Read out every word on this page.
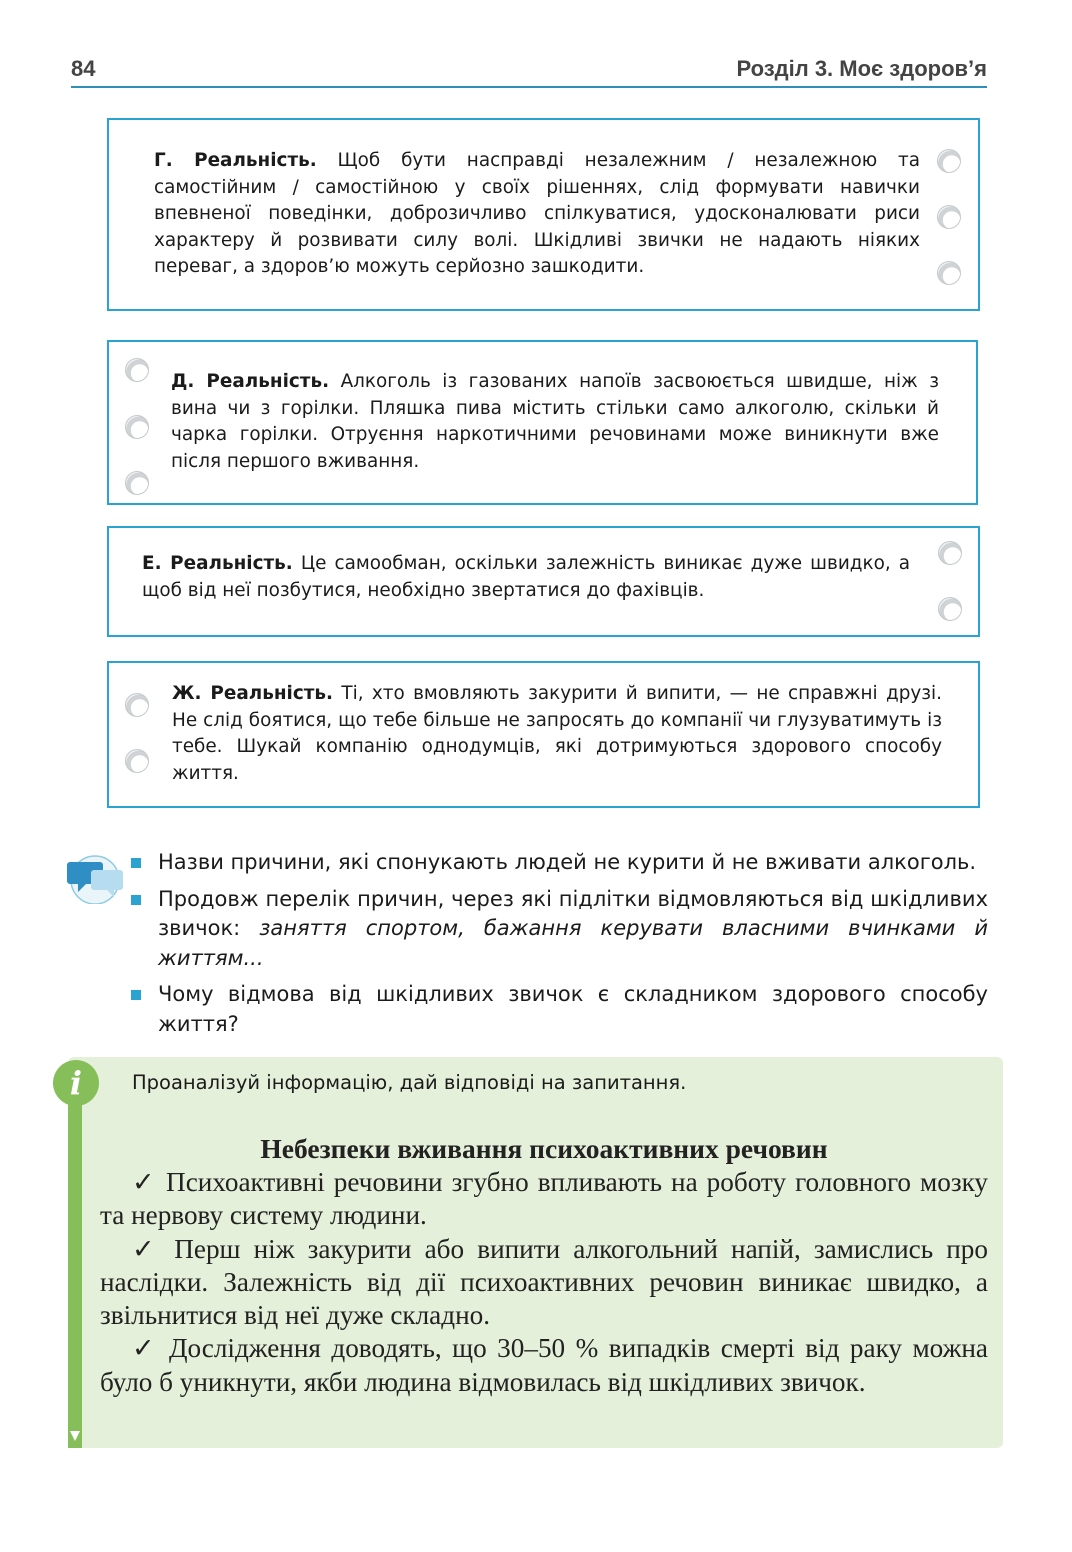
84	Розділ 3. Моє здоров’я

Г. Реальність. Щоб бути насправді незалежним / незалежною та самостійним / самостійною у своїх рішеннях, слід формувати навички впевненої поведінки, доброзичливо спілкуватися, удосконалювати риси характеру й розвивати силу волі. Шкідливі звички не надають ніяких переваг, а здоров’ю можуть серйозно зашкодити.

Д. Реальність. Алкоголь із газованих напоїв засвоюється швидше, ніж з вина чи з горілки. Пляшка пива містить стільки само алкоголю, скільки й чарка горілки. Отруєння наркотичними речовинами може виникнути вже після першого вживання.

Е. Реальність. Це самообман, оскільки залежність виникає дуже швидко, а щоб від неї позбутися, необхідно звертатися до фахівців.

Ж. Реальність. Ті, хто вмовляють закурити й випити, — не справжні друзі. Не слід боятися, що тебе більше не запросять до компанії чи глузуватимуть із тебе. Шукай компанію однодумців, які дотримуються здорового способу життя.

Назви причини, які спонукають людей не курити й не вживати алкоголь.
Продовж перелік причин, через які підлітки відмовляються від шкідливих звичок: заняття спортом, бажання керувати власними вчинками й життям...
Чому відмова від шкідливих звичок є складником здорового способу життя?
i	Проаналізуй інформацію, дай відповіді на запитання.
Небезпеки вживання психоактивних речовин

✓ Психоактивні речовини згубно впливають на роботу головного мозку та нервову систему людини.

✓ Перш ніж закурити або випити алкогольний напій, замислись про наслідки. Залежність від дії психоактивних речовин виникає швидко, а звільнитися від неї дуже складно.

✓ Дослідження доводять, що 30–50 % випадків смерті від раку можна було б уникнути, якби людина відмовилась від шкідливих звичок.
